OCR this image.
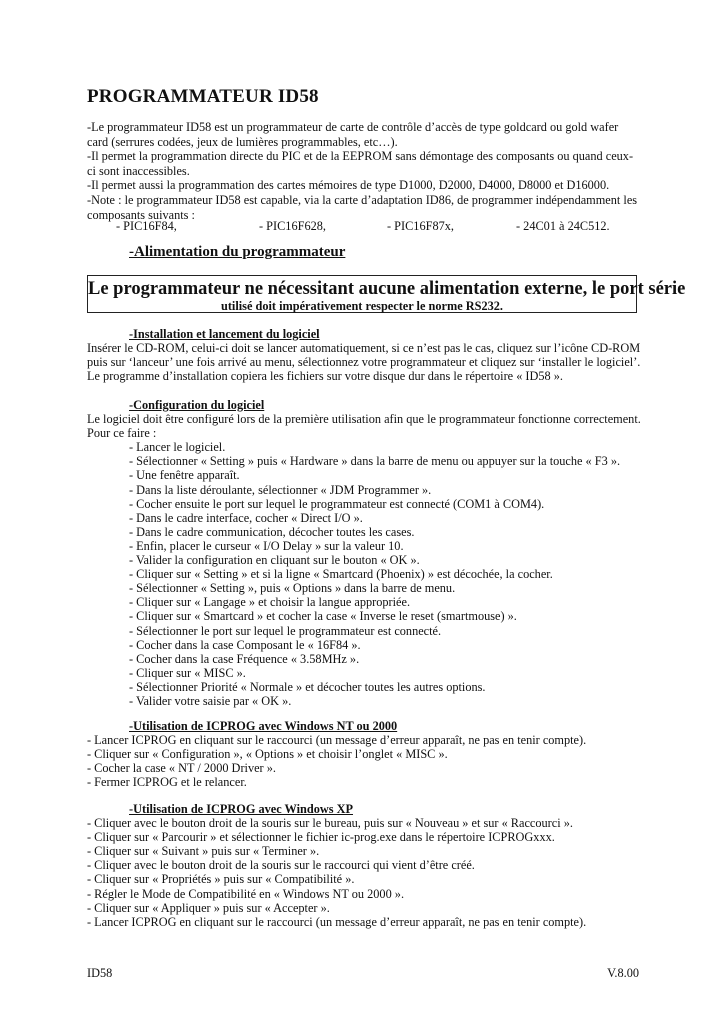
PROGRAMMATEUR ID58

-Le programmateur ID58 est un programmateur de carte de contrôle d’accès de type goldcard ou gold wafer card (serrures codées, jeux de lumières programmables, etc…).

-Il permet la programmation directe du PIC et de la EEPROM sans démontage des composants ou quand ceux-ci sont inaccessibles.

-Il permet aussi la programmation des cartes mémoires de type D1000, D2000, D4000, D8000 et D16000.

-Note : le programmateur ID58 est capable, via la carte d’adaptation ID86, de programmer indépendamment les composants suivants :

- PIC16F84,	- PIC16F628,	- PIC16F87x,	- 24C01 à 24C512.
-Alimentation du programmateur
Le programmateur ne nécessitant aucune alimentation externe, le port série
utilisé doit impérativement respecter le norme RS232.
-Installation et lancement du logiciel

Insérer le CD-ROM, celui-ci doit se lancer automatiquement, si ce n’est pas le cas, cliquez sur l’icône CD-ROM puis sur ‘lanceur’ une fois arrivé au menu, sélectionnez votre programmateur et cliquez sur ‘installer le logiciel’. Le programme d’installation copiera les fichiers sur votre disque dur dans le répertoire « ID58 ».

-Configuration du logiciel

Le logiciel doit être configuré lors de la première utilisation afin que le programmateur fonctionne correctement. Pour ce faire :

- Lancer le logiciel.
- Sélectionner « Setting » puis « Hardware » dans la barre de menu ou appuyer sur la touche « F3 ».
- Une fenêtre apparaît.
- Dans la liste déroulante, sélectionner « JDM Programmer ».
- Cocher ensuite le port sur lequel le programmateur est connecté (COM1 à COM4).
- Dans le cadre interface, cocher « Direct I/O ».
- Dans le cadre communication, décocher toutes les cases.
- Enfin, placer le curseur « I/O Delay » sur la valeur 10.
- Valider la configuration en cliquant sur le bouton « OK ».
- Cliquer sur « Setting » et si la ligne « Smartcard (Phoenix) » est décochée, la cocher.
- Sélectionner « Setting », puis « Options » dans la barre de menu.
- Cliquer sur « Langage » et choisir la langue appropriée.
- Cliquer sur « Smartcard » et cocher la case « Inverse le reset (smartmouse) ».
- Sélectionner le port sur lequel le programmateur est connecté.
- Cocher dans la case Composant le « 16F84 ».
- Cocher dans la case Fréquence « 3.58MHz ».
- Cliquer sur « MISC ».
- Sélectionner Priorité « Normale » et décocher toutes les autres options.
- Valider votre saisie par « OK ».
-Utilisation de ICPROG avec Windows NT ou 2000
- Lancer ICPROG en cliquant sur le raccourci (un message d’erreur apparaît, ne pas en tenir compte).
- Cliquer sur « Configuration », « Options » et choisir l’onglet « MISC ».
- Cocher la case « NT / 2000 Driver ».
- Fermer ICPROG et le relancer.
-Utilisation de ICPROG avec Windows XP
- Cliquer avec le bouton droit de la souris sur le bureau, puis sur « Nouveau » et sur « Raccourci ».
- Cliquer sur « Parcourir » et sélectionner le fichier ic-prog.exe dans le répertoire ICPROGxxx.
- Cliquer sur « Suivant » puis sur « Terminer ».
- Cliquer avec le bouton droit de la souris sur le raccourci qui vient d’être créé.
- Cliquer sur « Propriétés » puis sur « Compatibilité ».
- Régler le Mode de Compatibilité en « Windows NT ou 2000 ».
- Cliquer sur « Appliquer » puis sur « Accepter ».
- Lancer ICPROG en cliquant sur le raccourci (un message d’erreur apparaît, ne pas en tenir compte).
ID58	V.8.00
